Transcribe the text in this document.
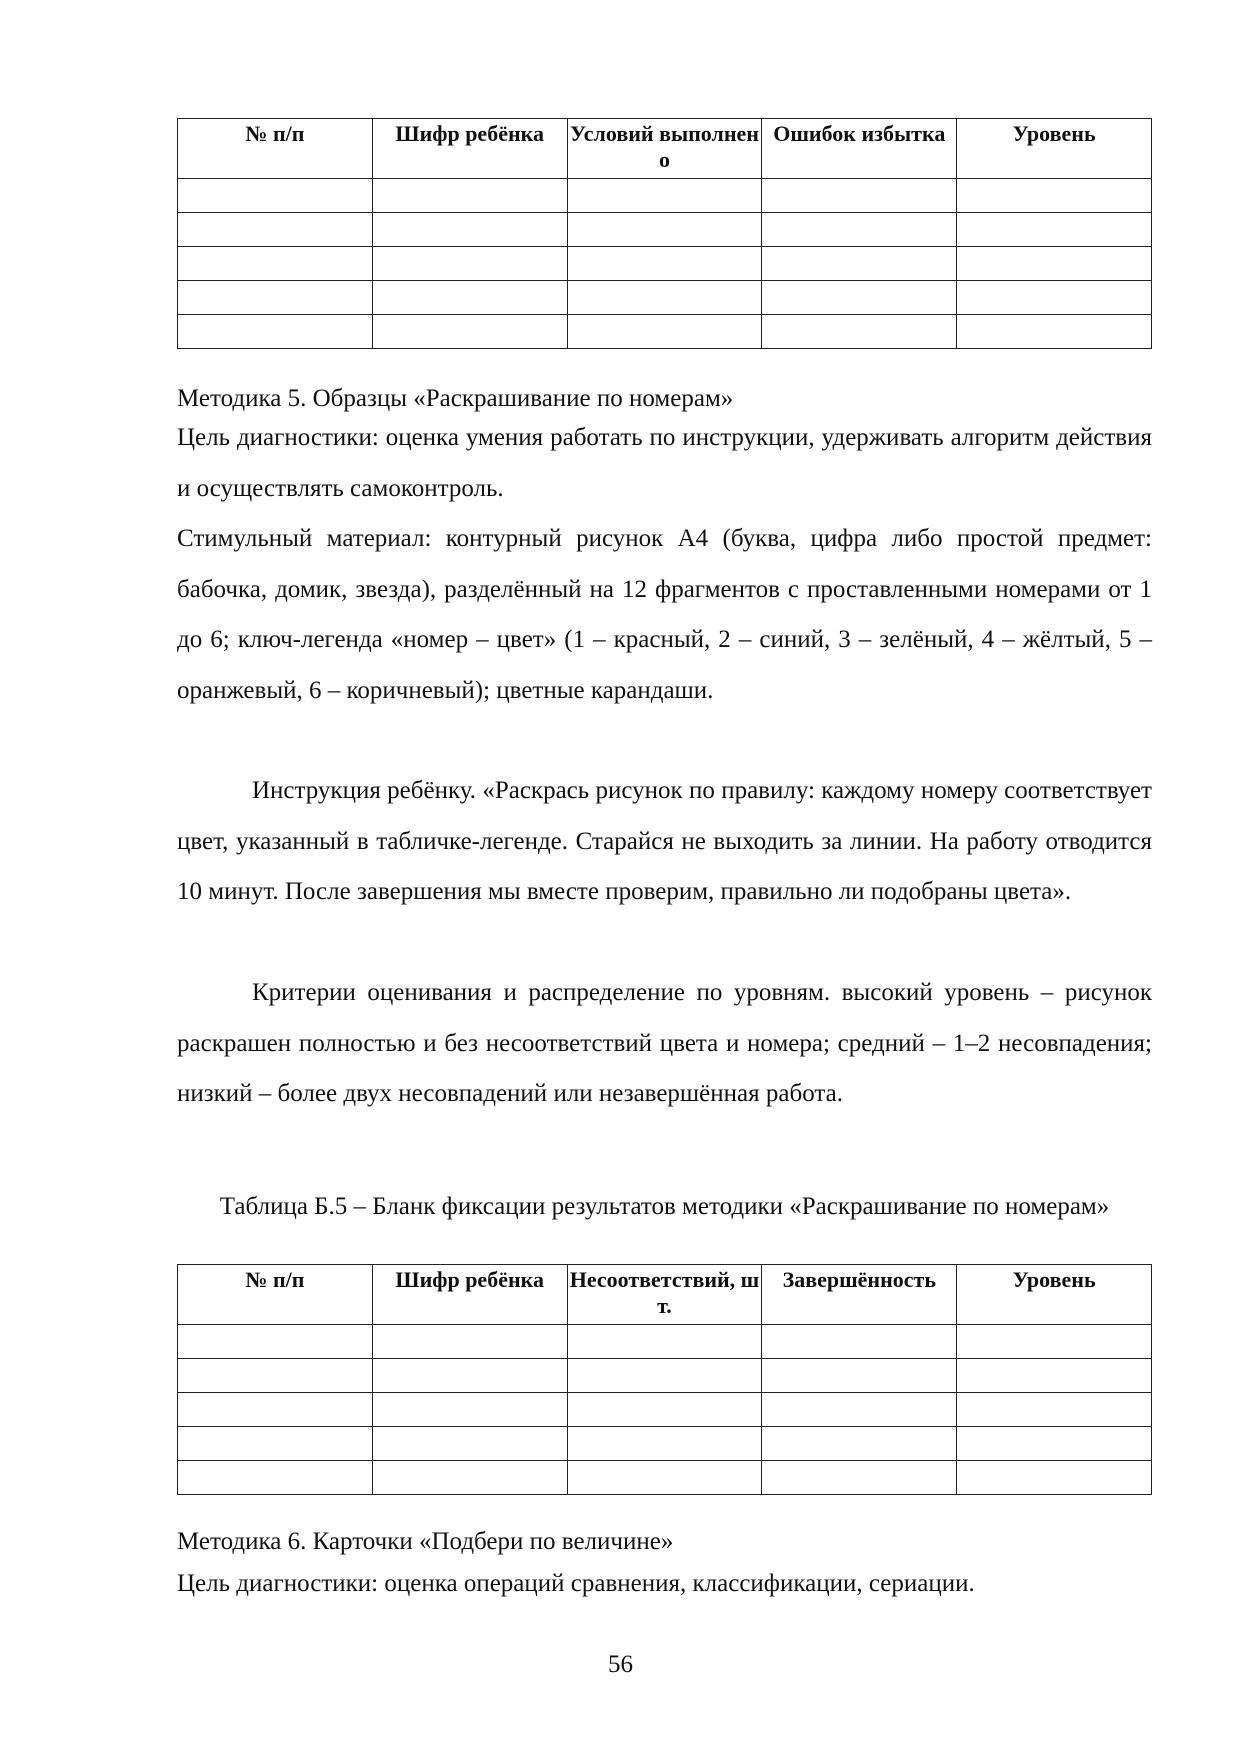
№ п/п	Шифр ребёнка	Условий выполнено	Ошибок избытка	Уровень

Методика 5. Образцы «Раскрашивание по номерам»
Цель диагностики: оценка умения работать по инструкции, удерживать алгоритм действия и осуществлять самоконтроль.
Стимульный материал: контурный рисунок А4 (буква, цифра либо простой предмет: бабочка, домик, звезда), разделённый на 12 фрагментов с проставленными номерами от 1 до 6; ключ-легенда «номер – цвет» (1 – красный, 2 – синий, 3 – зелёный, 4 – жёлтый, 5 – оранжевый, 6 – коричневый); цветные карандаши.
Инструкция ребёнку. «Раскрась рисунок по правилу: каждому номеру соответствует цвет, указанный в табличке-легенде. Старайся не выходить за линии. На работу отводится 10 минут. После завершения мы вместе проверим, правильно ли подобраны цвета».
Критерии оценивания и распределение по уровням. высокий уровень – рисунок раскрашен полностью и без несоответствий цвета и номера; средний – 1–2 несовпадения; низкий – более двух несовпадений или незавершённая работа.
Таблица Б.5 – Бланк фиксации результатов методики «Раскрашивание по номерам»
№ п/п	Шифр ребёнка	Несоответствий, шт.	Завершённость	Уровень

Методика 6. Карточки «Подбери по величине»
Цель диагностики: оценка операций сравнения, классификации, сериации.
56
